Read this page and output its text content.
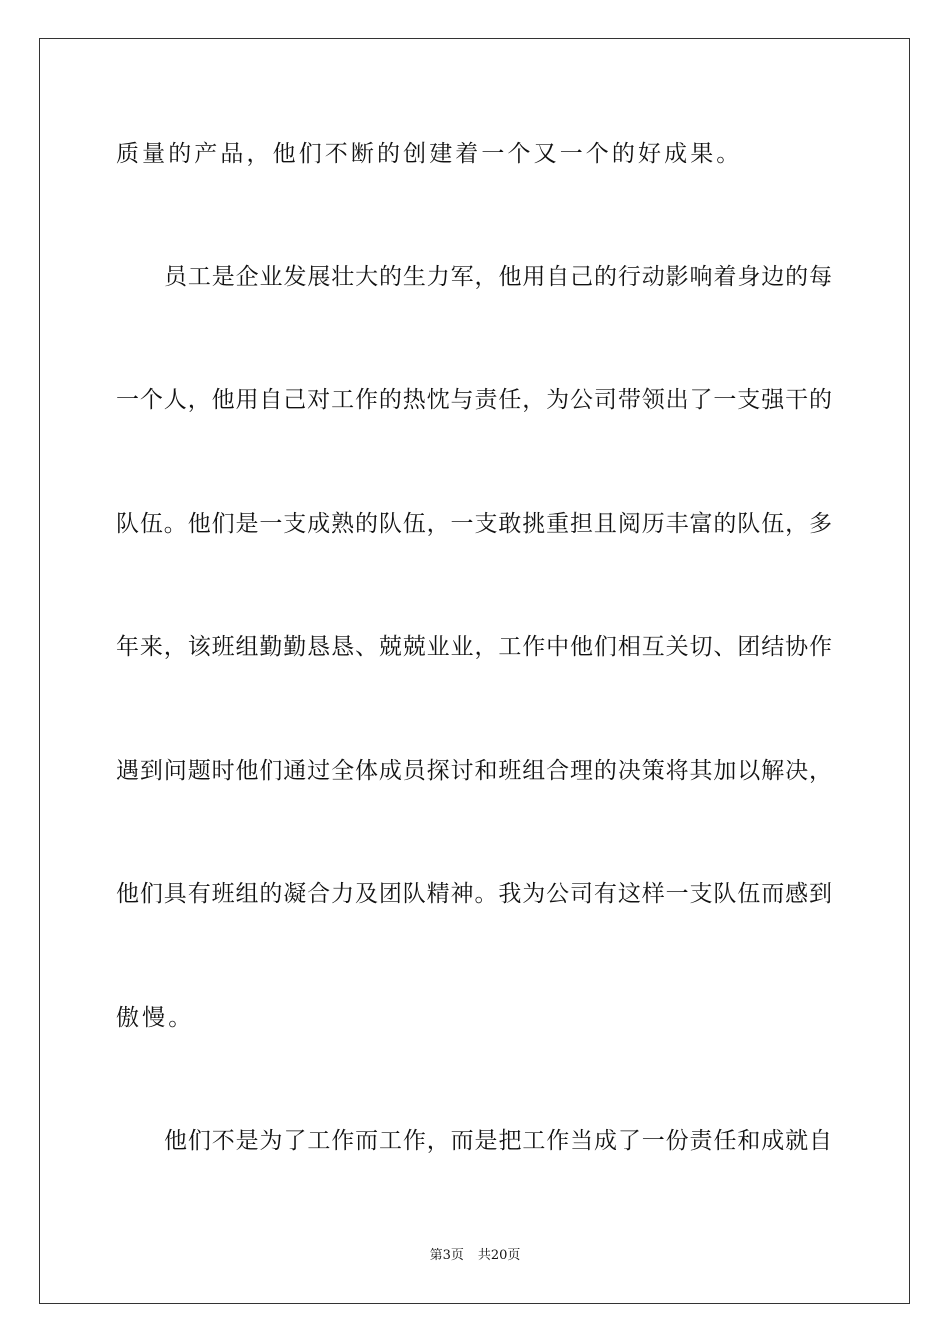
质量的产品，他们不断的创建着一个又一个的好成果。
员工是企业发展壮大的生力军，他用自己的行动影响着身边的每
一个人，他用自己对工作的热忱与责任，为公司带领出了一支强干的
队伍。他们是一支成熟的队伍，一支敢挑重担且阅历丰富的队伍，多
年来，该班组勤勤恳恳、兢兢业业，工作中他们相互关切、团结协作
遇到问题时他们通过全体成员探讨和班组合理的决策将其加以解决，
他们具有班组的凝合力及团队精神。我为公司有这样一支队伍而感到
傲慢。
他们不是为了工作而工作，而是把工作当成了一份责任和成就自
第3页 共20页
